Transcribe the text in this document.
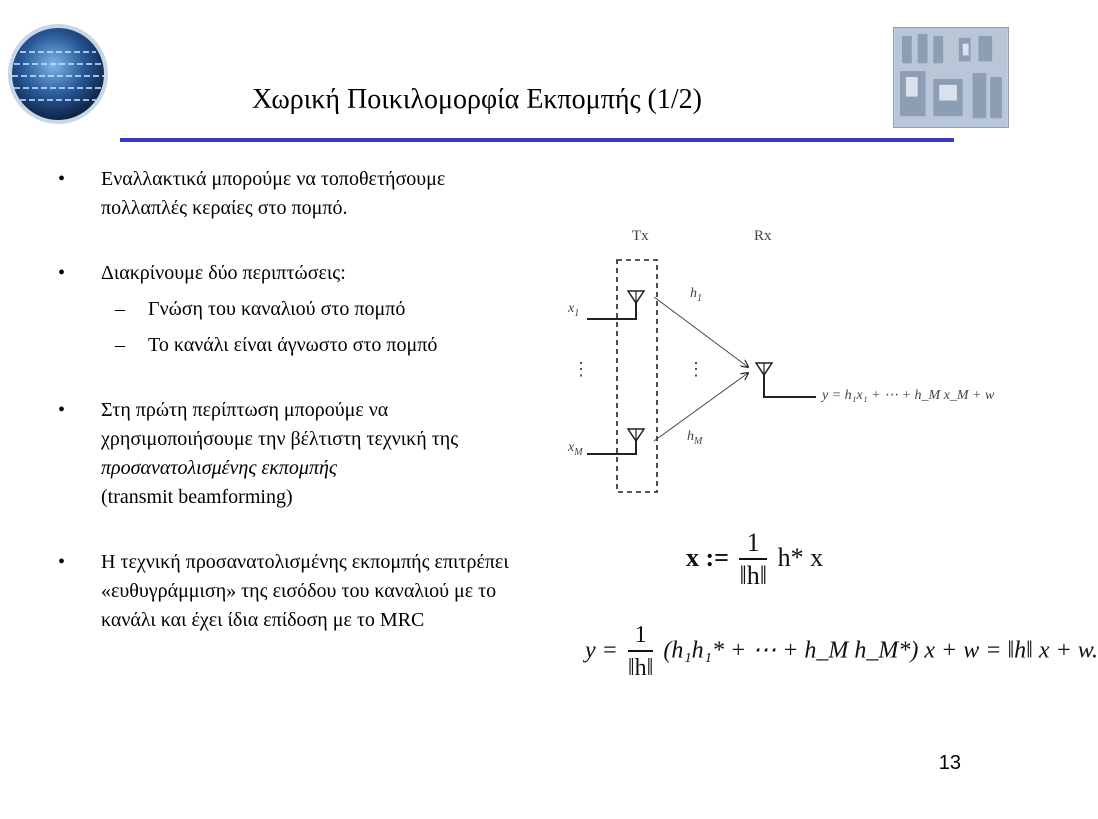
Χωρική Ποικιλομορφία Εκπομπής (1/2)
• Εναλλακτικά μπορούμε να τοποθετήσουμε πολλαπλές κεραίες στο πομπό.
• Διακρίνουμε δύο περιπτώσεις:
– Γνώση του καναλιού στο πομπό
– Το κανάλι είναι άγνωστο στο πομπό
• Στη πρώτη περίπτωση μπορούμε να χρησιμοποιήσουμε την βέλτιστη τεχνική της προσανατολισμένης εκπομπής
(transmit beamforming)
• Η τεχνική προσανατολισμένης εκπομπής επιτρέπει «ευθυγράμμιση» της εισόδου του καναλιού με το κανάλι και έχει ίδια επίδοση με το MRC
Tx	Rx
$x_1$
$x_M$
⋮	⋮
$h_1$
$h_M$
y = h₁x₁ + ⋯ + h_M x_M + w
x := $\frac{1}{‖h‖} h*$ x
$y = \frac{1}{‖h‖} (h_1h_1*$ + ⋯ + h_M h_M*) x + w = ‖h‖ x + w.
13
